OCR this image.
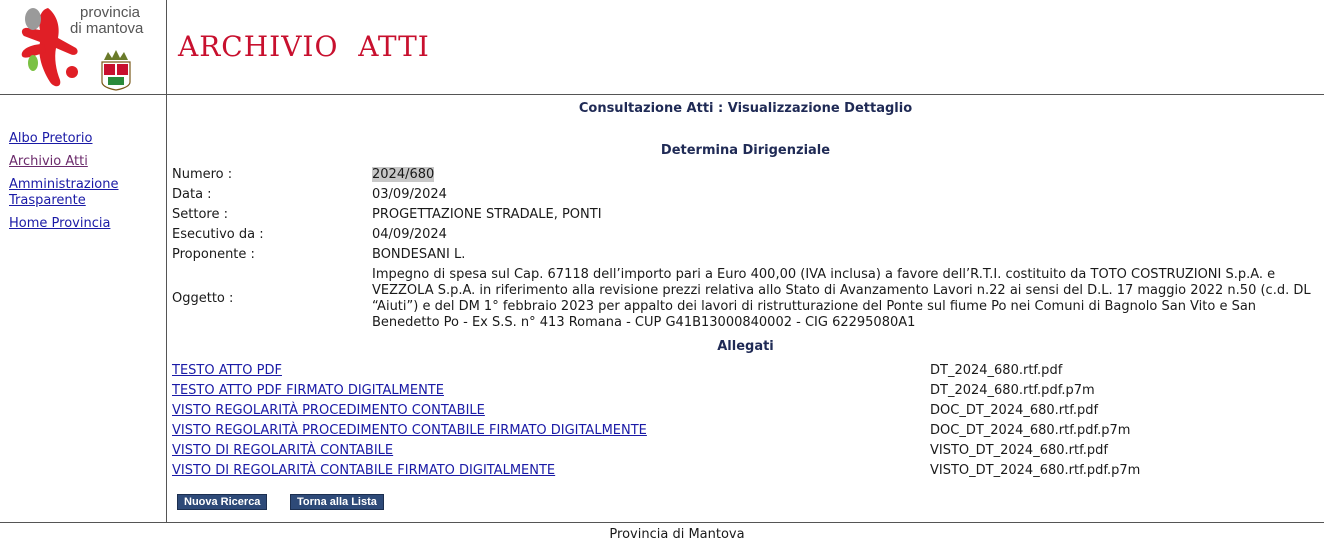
provincia
di mantova
ARCHIVIO  ATTI
Albo Pretorio
Archivio Atti
Amministrazione Trasparente
Home Provincia
Consultazione Atti : Visualizzazione Dettaglio
Determina Dirigenziale
Numero :	2024/680
Data :	03/09/2024
Settore :	PROGETTAZIONE STRADALE, PONTI
Esecutivo da :	04/09/2024
Proponente :	BONDESANI L.
Oggetto :
Impegno di spesa sul Cap. 67118 dell’importo pari a Euro 400,00 (IVA inclusa) a favore dell’R.T.I. costituito da TOTO COSTRUZIONI S.p.A. e VEZZOLA S.p.A. in riferimento alla revisione prezzi relativa allo Stato di Avanzamento Lavori n.22 ai sensi del D.L. 17 maggio 2022 n.50 (c.d. DL “Aiuti”) e del DM 1° febbraio 2023 per appalto dei lavori di ristrutturazione del Ponte sul fiume Po nei Comuni di Bagnolo San Vito e San Benedetto Po - Ex S.S. n° 413 Romana - CUP G41B13000840002 - CIG 62295080A1
Allegati
TESTO ATTO PDF	DT_2024_680.rtf.pdf
TESTO ATTO PDF FIRMATO DIGITALMENTE	DT_2024_680.rtf.pdf.p7m
VISTO REGOLARITÀ PROCEDIMENTO CONTABILE	DOC_DT_2024_680.rtf.pdf
VISTO REGOLARITÀ PROCEDIMENTO CONTABILE FIRMATO DIGITALMENTE	DOC_DT_2024_680.rtf.pdf.p7m
VISTO DI REGOLARITÀ CONTABILE	VISTO_DT_2024_680.rtf.pdf
VISTO DI REGOLARITÀ CONTABILE FIRMATO DIGITALMENTE	VISTO_DT_2024_680.rtf.pdf.p7m
Nuova Ricerca	Torna alla Lista
Provincia di Mantova
